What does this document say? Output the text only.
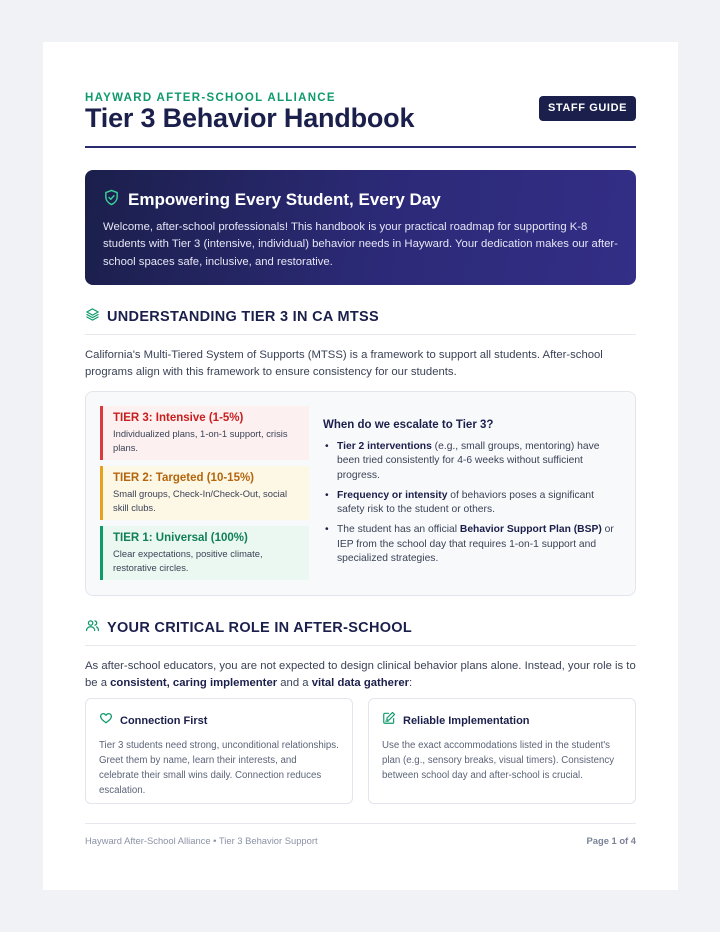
HAYWARD AFTER-SCHOOL ALLIANCE
Tier 3 Behavior Handbook	STAFF GUIDE
Empowering Every Student, Every Day

Welcome, after-school professionals! This handbook is your practical roadmap for supporting K-8 students with Tier 3 (intensive, individual) behavior needs in Hayward. Your dedication makes our after-school spaces safe, inclusive, and restorative.

UNDERSTANDING TIER 3 IN CA MTSS

California's Multi-Tiered System of Supports (MTSS) is a framework to support all students. After-school programs align with this framework to ensure consistency for our students.

TIER 3: Intensive (1-5%)
Individualized plans, 1-on-1 support, crisis plans.
TIER 2: Targeted (10-15%)
Small groups, Check-In/Check-Out, social skill clubs.
TIER 1: Universal (100%)
Clear expectations, positive climate, restorative circles.
When do we escalate to Tier 3?
• Tier 2 interventions (e.g., small groups, mentoring) have been tried consistently for 4-6 weeks without sufficient progress.
• Frequency or intensity of behaviors poses a significant safety risk to the student or others.
• The student has an official Behavior Support Plan (BSP) or IEP from the school day that requires 1-on-1 support and specialized strategies.
YOUR CRITICAL ROLE IN AFTER-SCHOOL

As after-school educators, you are not expected to design clinical behavior plans alone. Instead, your role is to be a consistent, caring implementer and a vital data gatherer:

Connection First

Tier 3 students need strong, unconditional relationships. Greet them by name, learn their interests, and celebrate their small wins daily. Connection reduces escalation.

Reliable Implementation

Use the exact accommodations listed in the student's plan (e.g., sensory breaks, visual timers). Consistency between school day and after-school is crucial.

Hayward After-School Alliance • Tier 3 Behavior Support	Page 1 of 4
